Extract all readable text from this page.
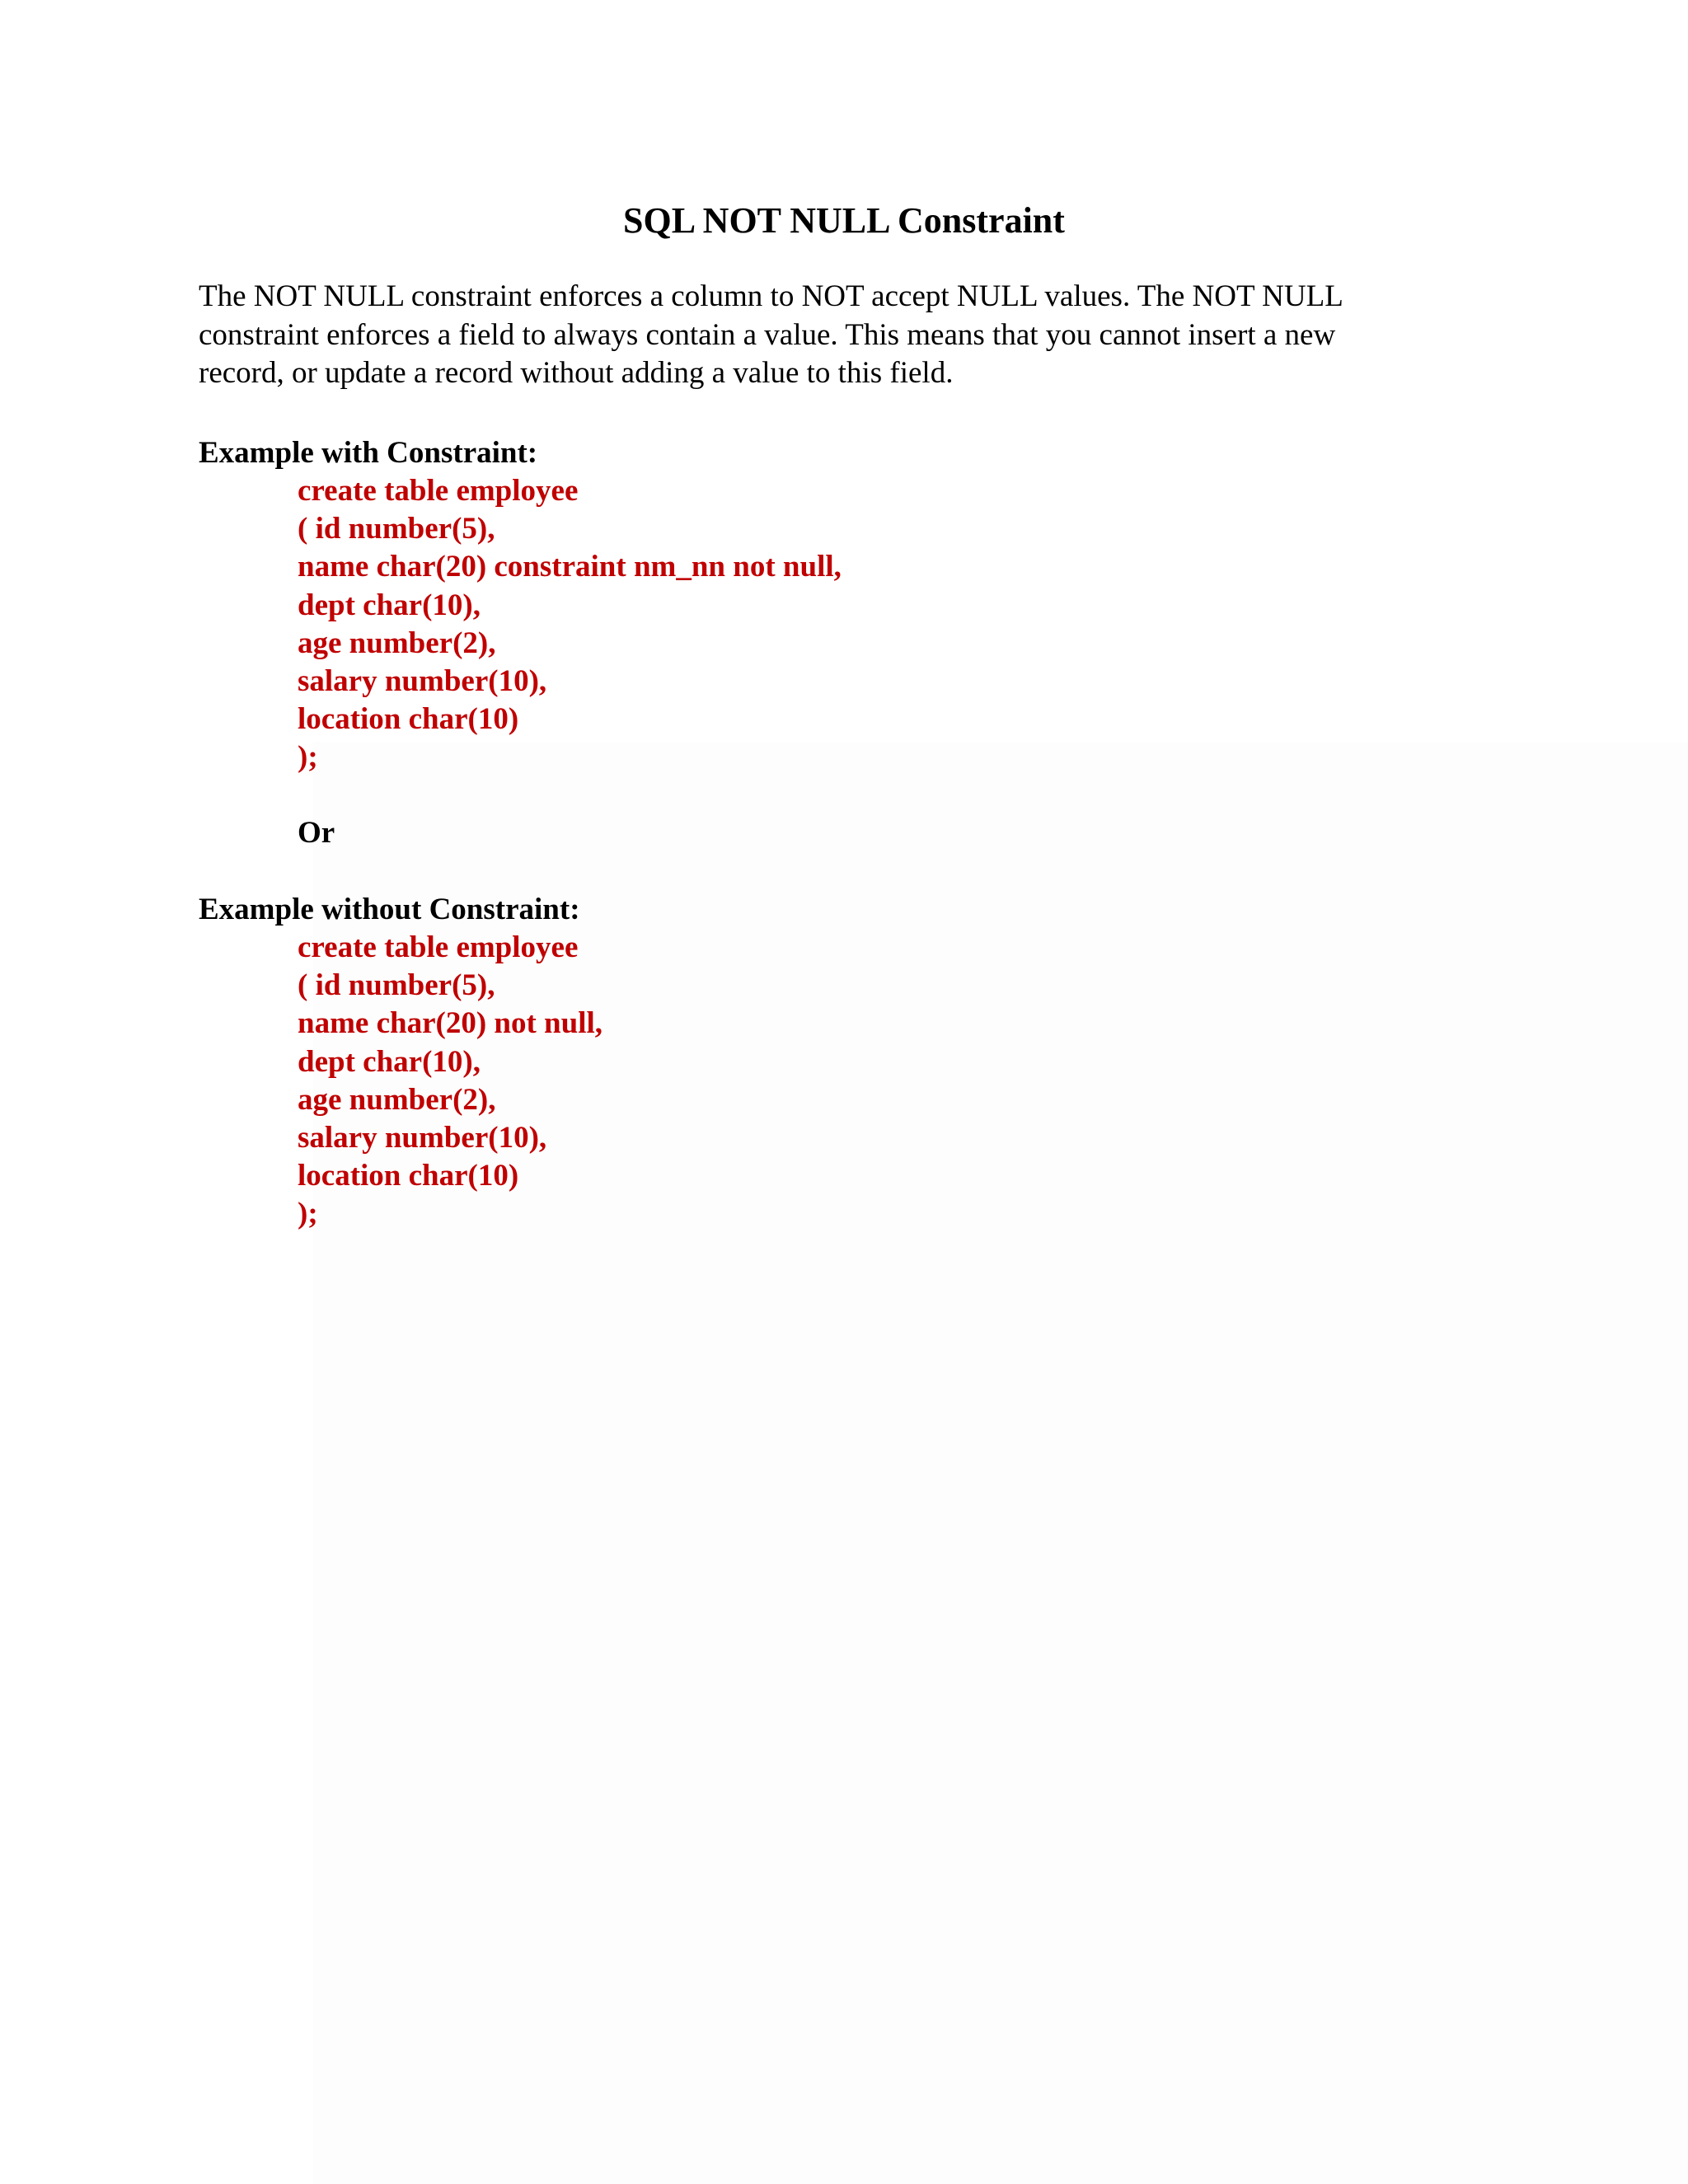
SQL NOT NULL Constraint

The NOT NULL constraint enforces a column to NOT accept NULL values. The NOT NULL
constraint enforces a field to always contain a value. This means that you cannot insert a new
record, or update a record without adding a value to this field.

Example with Constraint:
create table employee
( id number(5),
name char(20) constraint nm_nn not null,
dept char(10),
age number(2),
salary number(10),
location char(10)
);

Or

Example without Constraint:
create table employee
( id number(5),
name char(20) not null,
dept char(10),
age number(2),
salary number(10),
location char(10)
);
